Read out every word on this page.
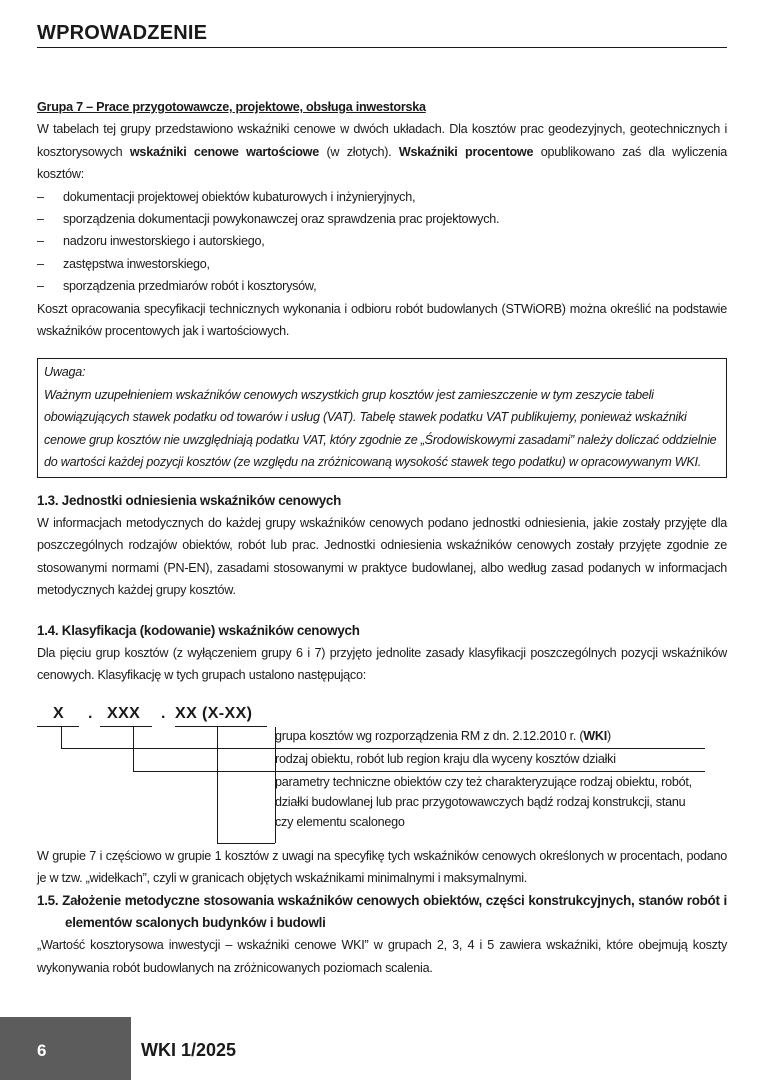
WPROWADZENIE

Grupa 7 – Prace przygotowawcze, projektowe, obsługa inwestorska
W tabelach tej grupy przedstawiono wskaźniki cenowe w dwóch układach. Dla kosztów prac geodezyjnych, geotechnicznych i kosztorysowych wskaźniki cenowe wartościowe (w złotych). Wskaźniki procentowe opublikowano zaś dla wyliczenia kosztów:

– dokumentacji projektowej obiektów kubaturowych i inżynieryjnych,
– sporządzenia dokumentacji powykonawczej oraz sprawdzenia prac projektowych.
– nadzoru inwestorskiego i autorskiego,
– zastępstwa inwestorskiego,
– sporządzenia przedmiarów robót i kosztorysów,

Koszt opracowania specyfikacji technicznych wykonania i odbioru robót budowlanych (STWiORB) można określić na podstawie wskaźników procentowych jak i wartościowych.

Uwaga:

Ważnym uzupełnieniem wskaźników cenowych wszystkich grup kosztów jest zamieszczenie w tym zeszycie tabeli obowiązujących stawek podatku od towarów i usług (VAT). Tabelę stawek podatku VAT publikujemy, ponieważ wskaźniki cenowe grup kosztów nie uwzględniają podatku VAT, który zgodnie ze „Środowiskowymi zasadami” należy doliczać oddzielnie do wartości każdej pozycji kosztów (ze względu na zróżnicowaną wysokość stawek tego podatku) w opracowywanym WKI.

1.3. Jednostki odniesienia wskaźników cenowych

W informacjach metodycznych do każdej grupy wskaźników cenowych podano jednostki odniesienia, jakie zostały przyjęte dla poszczególnych rodzajów obiektów, robót lub prac. Jednostki odniesienia wskaźników cenowych zostały przyjęte zgodnie ze stosowanymi normami (PN-EN), zasadami stosowanymi w praktyce budowlanej, albo według zasad podanych w informacjach metodycznych każdej grupy kosztów.

1.4. Klasyfikacja (kodowanie) wskaźników cenowych

Dla pięciu grup kosztów (z wyłączeniem grupy 6 i 7) przyjęto jednolite zasady klasyfikacji poszczególnych pozycji wskaźników cenowych. Klasyfikację w tych grupach ustalono następująco:

X . XXX . XX (X-XX)
grupa kosztów wg rozporządzenia RM z dn. 2.12.2010 r. (WKI)
rodzaj obiektu, robót lub region kraju dla wyceny kosztów działki
parametry techniczne obiektów czy też charakteryzujące rodzaj obiektu, robót, działki budowlanej lub prac przygotowawczych bądź rodzaj konstrukcji, stanu czy elementu scalonego

W grupie 7 i częściowo w grupie 1 kosztów z uwagi na specyfikę tych wskaźników cenowych określonych w procentach, podano je w tzw. „widełkach”, czyli w granicach objętych wskaźnikami minimalnymi i maksymalnymi.

1.5. Założenie metodyczne stosowania wskaźników cenowych obiektów, części konstrukcyjnych, stanów robót i elementów scalonych budynków i budowli

„Wartość kosztorysowa inwestycji – wskaźniki cenowe WKI” w grupach 2, 3, 4 i 5 zawiera wskaźniki, które obejmują koszty wykonywania robót budowlanych na zróżnicowanych poziomach scalenia.

6	WKI 1/2025
